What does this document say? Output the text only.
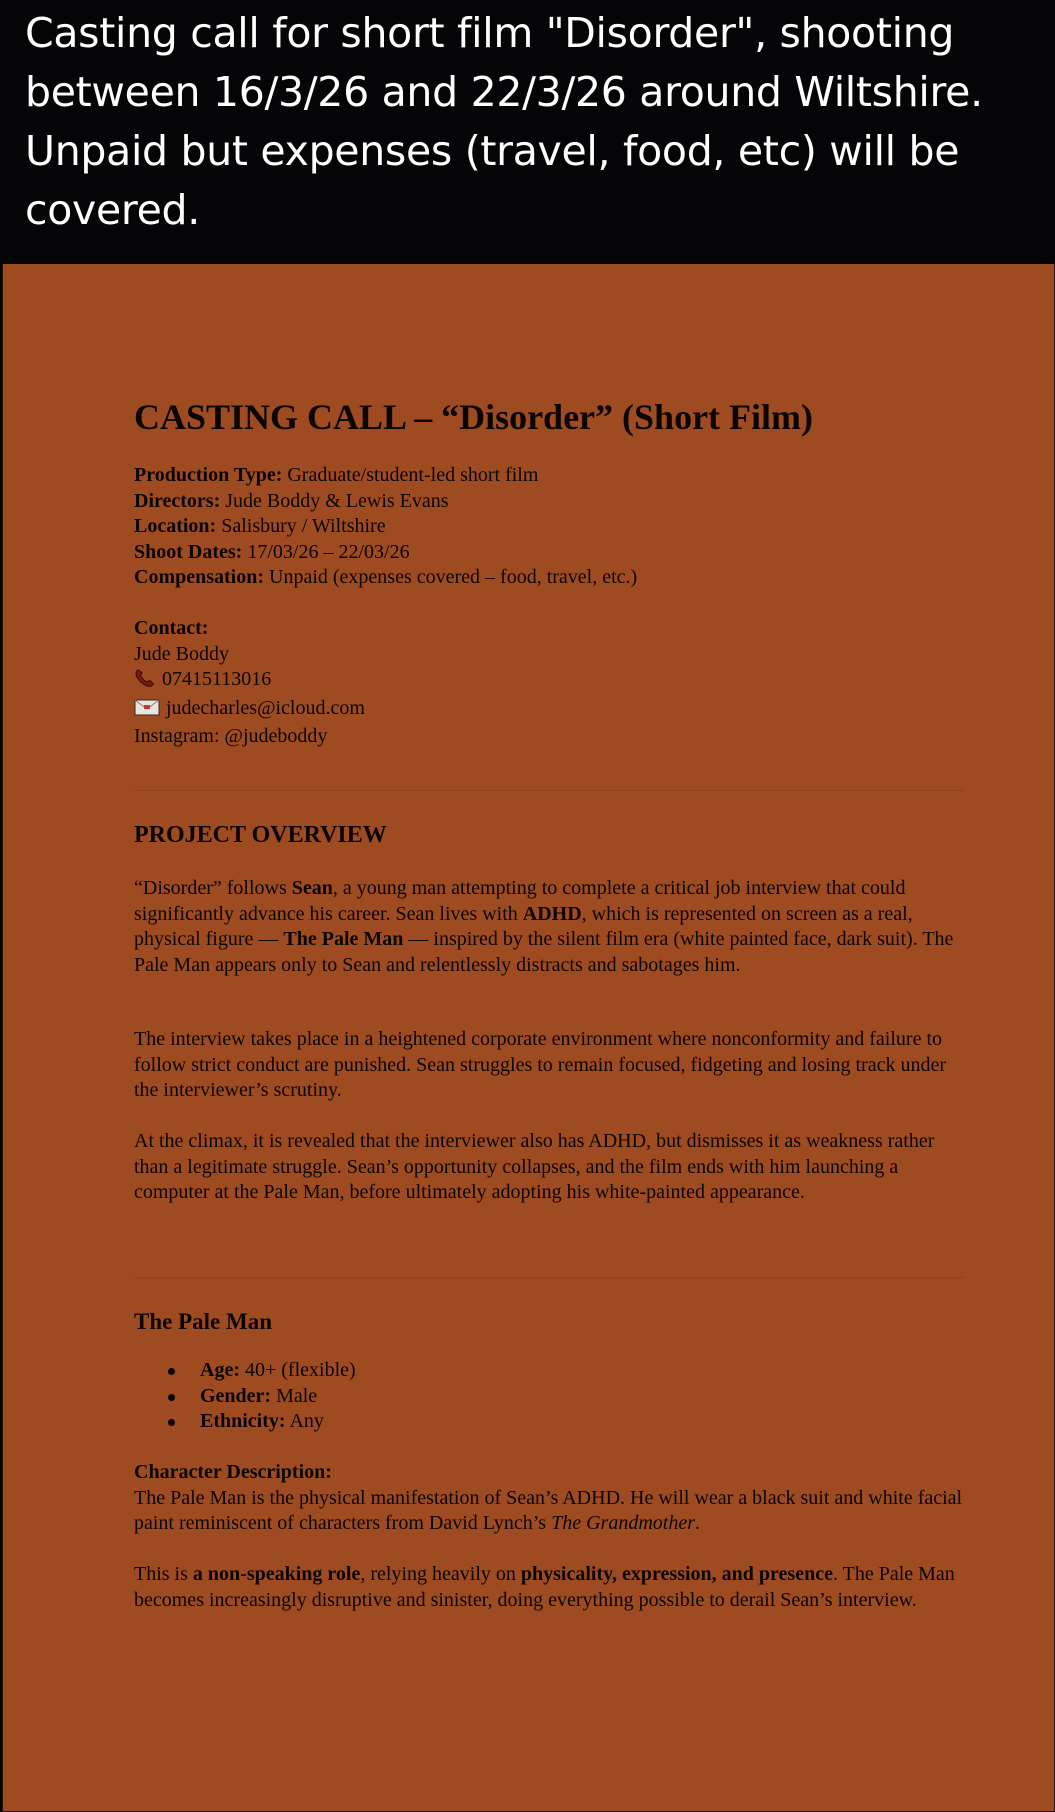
Casting call for short film "Disorder", shooting between 16/3/26 and 22/3/26 around Wiltshire. Unpaid but expenses (travel, food, etc) will be covered.

CASTING CALL – “Disorder” (Short Film)
Production Type: Graduate/student-led short film
Directors: Jude Boddy & Lewis Evans
Location: Salisbury / Wiltshire
Shoot Dates: 17/03/26 – 22/03/26
Compensation: Unpaid (expenses covered – food, travel, etc.)
Contact:
Jude Boddy
07415113016
judecharles@icloud.com
Instagram: @judeboddy
PROJECT OVERVIEW

“Disorder” follows Sean, a young man attempting to complete a critical job interview that could significantly advance his career. Sean lives with ADHD, which is represented on screen as a real, physical figure — The Pale Man — inspired by the silent film era (white painted face, dark suit). The Pale Man appears only to Sean and relentlessly distracts and sabotages him.

The interview takes place in a heightened corporate environment where nonconformity and failure to follow strict conduct are punished. Sean struggles to remain focused, fidgeting and losing track under the interviewer’s scrutiny.

At the climax, it is revealed that the interviewer also has ADHD, but dismisses it as weakness rather than a legitimate struggle. Sean’s opportunity collapses, and the film ends with him launching a computer at the Pale Man, before ultimately adopting his white-painted appearance.

The Pale Man
Age: 40+ (flexible)
Gender: Male
Ethnicity: Any
Character Description:
The Pale Man is the physical manifestation of Sean’s ADHD. He will wear a black suit and white facial paint reminiscent of characters from David Lynch’s The Grandmother.

This is a non-speaking role, relying heavily on physicality, expression, and presence. The Pale Man becomes increasingly disruptive and sinister, doing everything possible to derail Sean’s interview.
